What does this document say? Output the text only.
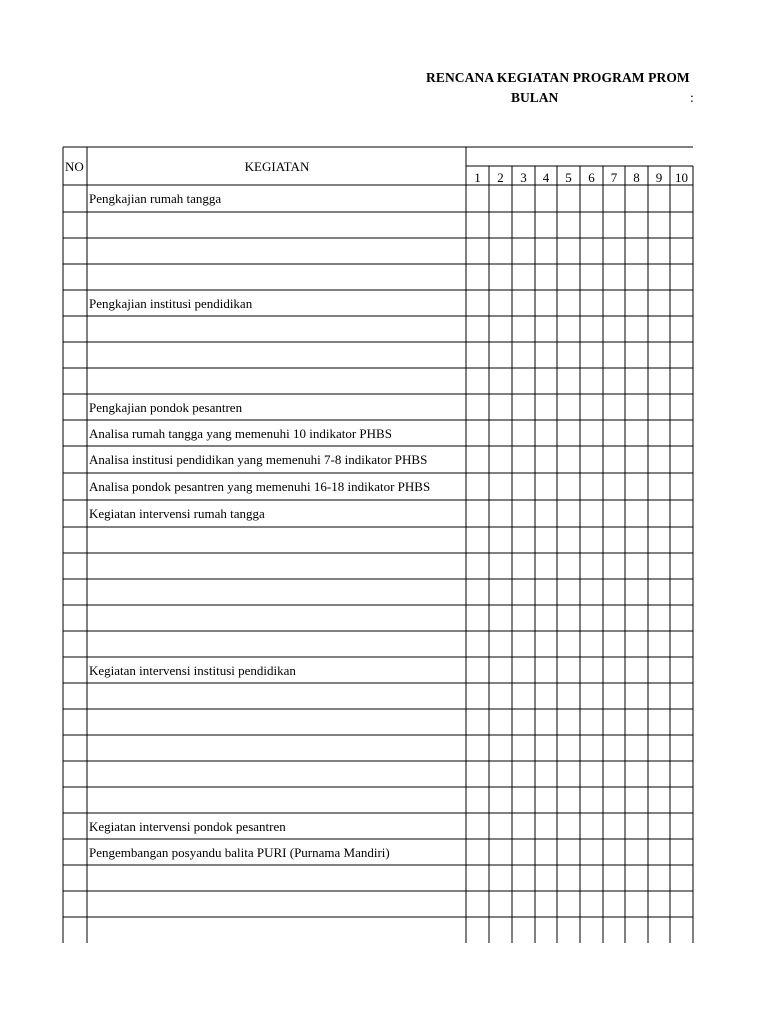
RENCANA KEGIATAN PROGRAM PROM
BULAN	:
NO	KEGIATAN
1 2 3 4 5 6 7 8 9 10
Pengkajian rumah tangga
Pengkajian institusi pendidikan
Pengkajian pondok pesantren
Analisa rumah tangga yang memenuhi 10 indikator PHBS
Analisa institusi pendidikan yang memenuhi 7-8 indikator PHBS
Analisa pondok pesantren yang memenuhi 16-18 indikator PHBS
Kegiatan intervensi rumah tangga
Kegiatan intervensi institusi pendidikan
Kegiatan intervensi pondok pesantren
Pengembangan posyandu balita PURI (Purnama Mandiri)
